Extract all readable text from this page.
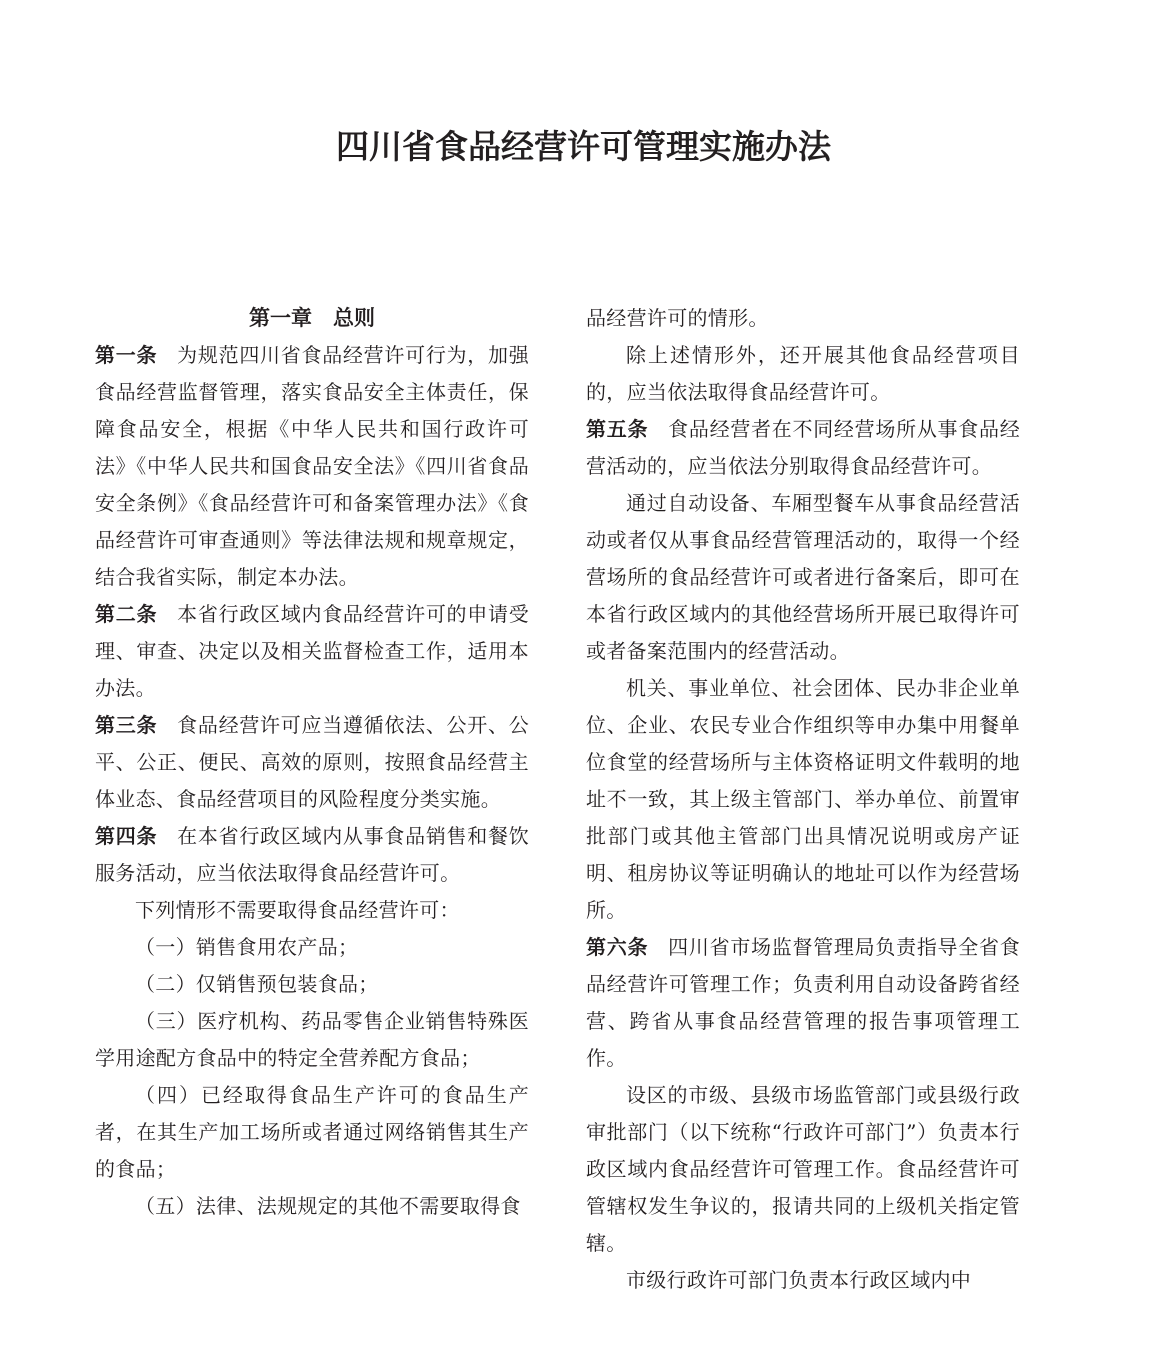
四川省食品经营许可管理实施办法
第一章　总则

第一条 为规范四川省食品经营许可行为，加强食品经营监督管理，落实食品安全主体责任，保障食品安全，根据《中华人民共和国行政许可法》《中华人民共和国食品安全法》《四川省食品安全条例》《食品经营许可和备案管理办法》《食品经营许可审查通则》等法律法规和规章规定，结合我省实际，制定本办法。

第二条 本省行政区域内食品经营许可的申请受理、审查、决定以及相关监督检查工作，适用本办法。

第三条 食品经营许可应当遵循依法、公开、公平、公正、便民、高效的原则，按照食品经营主体业态、食品经营项目的风险程度分类实施。

第四条 在本省行政区域内从事食品销售和餐饮服务活动，应当依法取得食品经营许可。

下列情形不需要取得食品经营许可：

（一）销售食用农产品；

（二）仅销售预包装食品；

（三）医疗机构、药品零售企业销售特殊医学用途配方食品中的特定全营养配方食品；

（四）已经取得食品生产许可的食品生产者，在其生产加工场所或者通过网络销售其生产的食品；

（五）法律、法规规定的其他不需要取得食

品经营许可的情形。

除上述情形外，还开展其他食品经营项目的，应当依法取得食品经营许可。

第五条 食品经营者在不同经营场所从事食品经营活动的，应当依法分别取得食品经营许可。

通过自动设备、车厢型餐车从事食品经营活动或者仅从事食品经营管理活动的，取得一个经营场所的食品经营许可或者进行备案后，即可在本省行政区域内的其他经营场所开展已取得许可或者备案范围内的经营活动。

机关、事业单位、社会团体、民办非企业单位、企业、农民专业合作组织等申办集中用餐单位食堂的经营场所与主体资格证明文件载明的地址不一致，其上级主管部门、举办单位、前置审批部门或其他主管部门出具情况说明或房产证明、租房协议等证明确认的地址可以作为经营场所。

第六条 四川省市场监督管理局负责指导全省食品经营许可管理工作；负责利用自动设备跨省经营、跨省从事食品经营管理的报告事项管理工作。

设区的市级、县级市场监管部门或县级行政审批部门（以下统称“行政许可部门”）负责本行政区域内食品经营许可管理工作。食品经营许可管辖权发生争议的，报请共同的上级机关指定管辖。

市级行政许可部门负责本行政区域内中
